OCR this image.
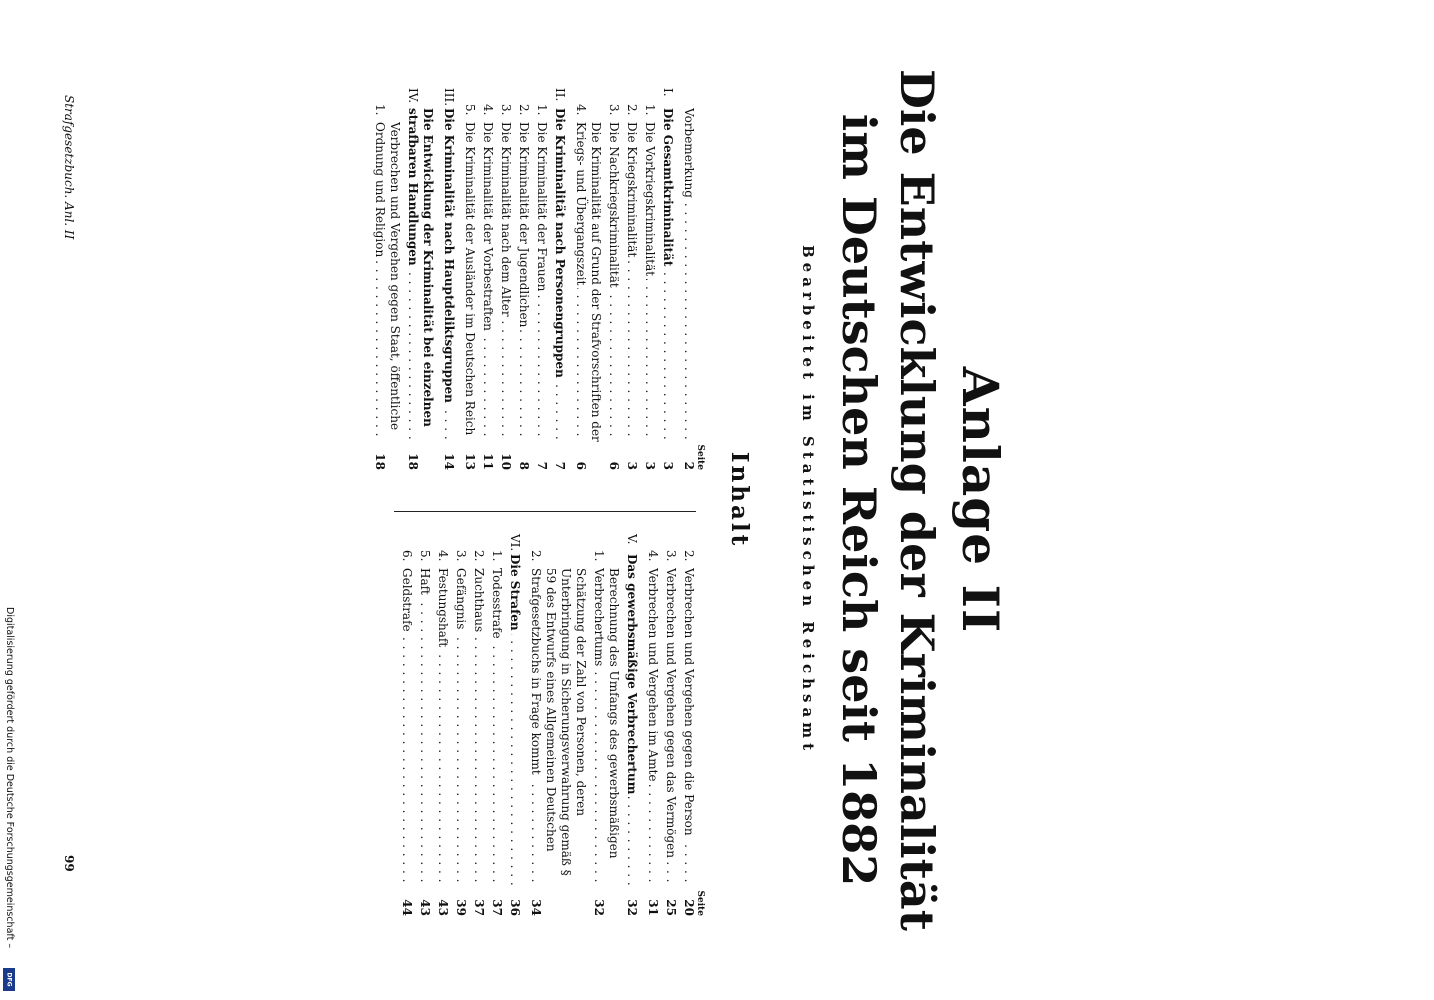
Anlage II
Die Entwicklung der Kriminalität
im Deutschen Reich seit 1882
Bearbeitet im Statistischen Reichsamt
Inhalt
Seite
Vorbemerkung . . .
2
I.
Die Gesamtkriminalität . . .
3
1.
Die Vorkriegskriminalität . . .
3
2.
Die Kriegskriminalität . . .
3
3.
Die Nachkriegskriminalität . . .
6
4.
Die Kriminalität auf Grund der Strafvorschriften der Kriegs- und Übergangszeit . . .
6
II.
Die Kriminalität nach Personengruppen . . .
7
1.
Die Kriminalität der Frauen . . .
7
2.
Die Kriminalität der Jugendlichen . . .
8
3.
Die Kriminalität nach dem Alter . . .
10
4.
Die Kriminalität der Vorbestraften . . .
11
5.
Die Kriminalität der Ausländer im Deutschen Reich . . .
13
III.
Die Kriminalität nach Hauptdeliktsgruppen . . .
14
IV.
Die Entwicklung der Kriminalität bei einzelnen strafbaren Handlungen . . .
18
1.
Verbrechen und Vergehen gegen Staat, öffentliche Ordnung und Religion . . .
18
Seite
2.
Verbrechen und Vergehen gegen die Person . . .
20
3.
Verbrechen und Vergehen gegen das Vermögen . . .
25
4.
Verbrechen und Vergehen im Amte . . .
31
V.
Das gewerbsmäßige Verbrechertum . . .
32
1.
Berechnung des Umfangs des gewerbsmäßigen Verbrechertums . . .
32
2.
Schätzung der Zahl von Personen, deren Unterbringung in Sicherungsverwahrung gemäß § 59 des Entwurfs eines Allgemeinen Deutschen Strafgesetzbuchs in Frage kommt . . .
34
VI.
Die Strafen . . .
36
1.
Todesstrafe . . .
37
2.
Zuchthaus . . .
37
3.
Gefängnis . . .
39
4.
Festungshaft . . .
43
5.
Haft . . .
43
6.
Geldstrafe . . .
44
Strafgesetzbuch. Anl. II
99
Digitalisierung gefördert durch die Deutsche Forschungsgemeinschaft –
DFG
